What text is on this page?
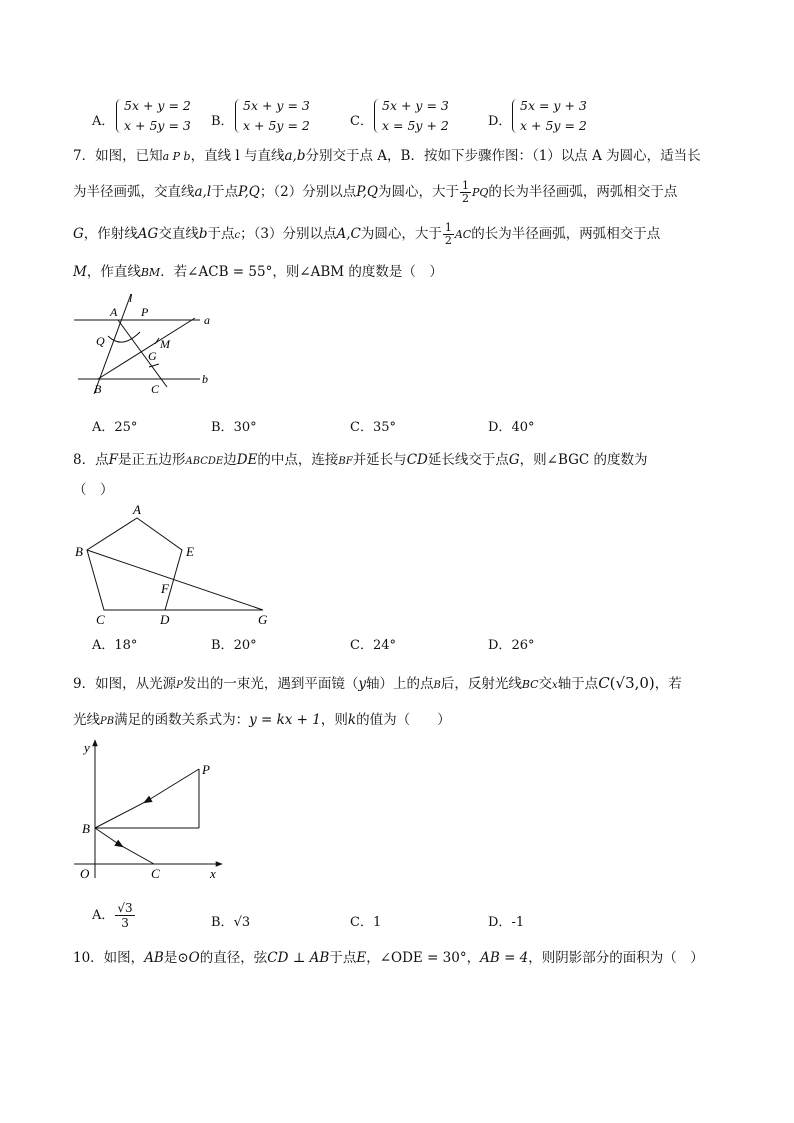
A．
5x + y = 2
x + 5y = 3 B．
5x + y = 3
x + 5y = 2	C．
5x + y = 3
x = 5y + 2	D．
5x = y + 3
x + 5y = 2
7．如图，已知a P b，直线 l 与直线a,b分别交于点 A，B．按如下步骤作图：（1）以点 A 为圆心，适当长
为半径画弧，交直线a,l于点P,Q；（2）分别以点P,Q为圆心，大于 $\frac{1}{2}$ PQ的长为半径画弧，两弧相交于点
G，作射线AG交直线b于点c；（3）分别以点A,C为圆心，大于 $\frac{1}{2}$ AC的长为半径画弧，两弧相交于点
M，作直线BM．若∠ACB = 55°，则∠ABM 的度数是（　）
l
A P
a
Q	M
G
B	C
b
A．25°	B．30°	C．35°	D．40°
8．点F是正五边形ABCDE边DE的中点，连接BF并延长与CD延长线交于点G，则∠BGC 的度数为
（　）
A
B	E
F
C	D	G
A．18°	B．20°	C．24°	D．26°
9．如图，从光源P发出的一束光，遇到平面镜（y轴）上的点B后，反射光线BC交x轴于点C(√3,0)，若
光线PB满足的函数关系式为：y = kx + 1，则k的值为（　　）
y
P
B
O	C	x
A． $\frac{√3}{3}$	B．√3	C．1	D．-1
10．如图，AB是⊙O的直径，弦CD ⊥ AB于点E，∠ODE = 30°，AB = 4，则阴影部分的面积为（　）
